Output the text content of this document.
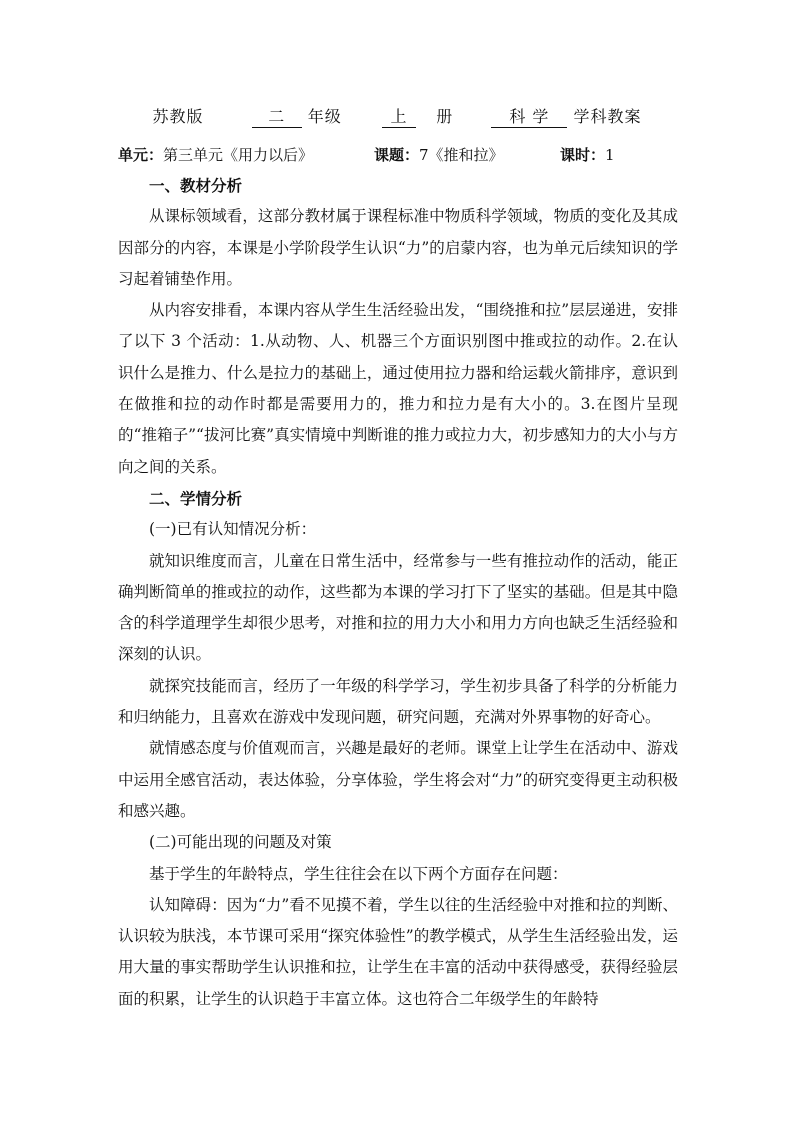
苏教版	二 年级	上 册	科 学 学科教案
单元：第三单元《用力以后》	课题：7《推和拉》	课时：1

一、教材分析

从课标领域看，这部分教材属于课程标准中物质科学领域，物质的变化及其成因部分的内容，本课是小学阶段学生认识“力”的启蒙内容，也为单元后续知识的学习起着铺垫作用。

从内容安排看，本课内容从学生生活经验出发，“围绕推和拉”层层递进，安排了以下 3 个活动：1.从动物、人、机器三个方面识别图中推或拉的动作。2.在认识什么是推力、什么是拉力的基础上，通过使用拉力器和给运载火箭排序，意识到在做推和拉的动作时都是需要用力的，推力和拉力是有大小的。3.在图片呈现的“推箱子”“拔河比赛”真实情境中判断谁的推力或拉力大，初步感知力的大小与方向之间的关系。

二、学情分析

(一)已有认知情况分析：

就知识维度而言，儿童在日常生活中，经常参与一些有推拉动作的活动，能正确判断简单的推或拉的动作，这些都为本课的学习打下了坚实的基础。但是其中隐含的科学道理学生却很少思考，对推和拉的用力大小和用力方向也缺乏生活经验和深刻的认识。

就探究技能而言，经历了一年级的科学学习，学生初步具备了科学的分析能力和归纳能力，且喜欢在游戏中发现问题，研究问题，充满对外界事物的好奇心。

就情感态度与价值观而言，兴趣是最好的老师。课堂上让学生在活动中、游戏中运用全感官活动，表达体验，分享体验，学生将会对“力”的研究变得更主动积极和感兴趣。

(二)可能出现的问题及对策

基于学生的年龄特点，学生往往会在以下两个方面存在问题：

认知障碍：因为“力”看不见摸不着，学生以往的生活经验中对推和拉的判断、认识较为肤浅，本节课可采用“探究体验性”的教学模式，从学生生活经验出发，运用大量的事实帮助学生认识推和拉，让学生在丰富的活动中获得感受，获得经验层面的积累，让学生的认识趋于丰富立体。这也符合二年级学生的年龄特
